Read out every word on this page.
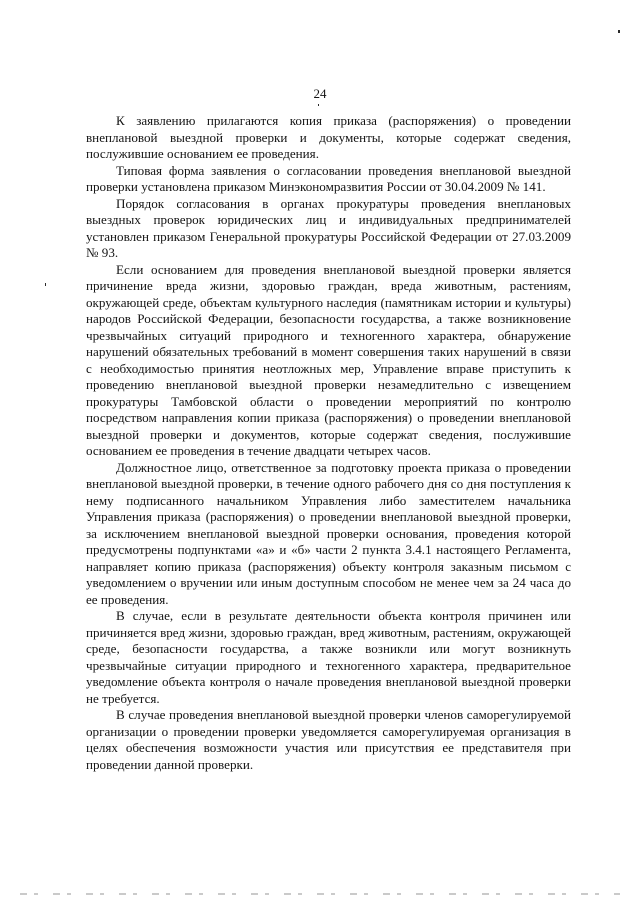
24

К заявлению прилагаются копия приказа (распоряжения) о проведении внеплановой выездной проверки и документы, которые содержат сведения, послужившие основанием ее проведения.

Типовая форма заявления о согласовании проведения внеплановой выездной проверки установлена приказом Минэкономразвития России от 30.04.2009 № 141.

Порядок согласования в органах прокуратуры проведения внеплановых выездных проверок юридических лиц и индивидуальных предпринимателей установлен приказом Генеральной прокуратуры Российской Федерации от 27.03.2009 № 93.

Если основанием для проведения внеплановой выездной проверки является причинение вреда жизни, здоровью граждан, вреда животным, растениям, окружающей среде, объектам культурного наследия (памятникам истории и культуры) народов Российской Федерации, безопасности государства, а также возникновение чрезвычайных ситуаций природного и техногенного характера, обнаружение нарушений обязательных требований в момент совершения таких нарушений в связи с необходимостью принятия неотложных мер, Управление вправе приступить к проведению внеплановой выездной проверки незамедлительно с извещением прокуратуры Тамбовской области о проведении мероприятий по контролю посредством направления копии приказа (распоряжения) о проведении внеплановой выездной проверки и документов, которые содержат сведения, послужившие основанием ее проведения в течение двадцати четырех часов.

Должностное лицо, ответственное за подготовку проекта приказа о проведении внеплановой выездной проверки, в течение одного рабочего дня со дня поступления к нему подписанного начальником Управления либо заместителем начальника Управления приказа (распоряжения) о проведении внеплановой выездной проверки, за исключением внеплановой выездной проверки основания, проведения которой предусмотрены подпунктами «а» и «б» части 2 пункта 3.4.1 настоящего Регламента, направляет копию приказа (распоряжения) объекту контроля заказным письмом с уведомлением о вручении или иным доступным способом не менее чем за 24 часа до ее проведения.

В случае, если в результате деятельности объекта контроля причинен или причиняется вред жизни, здоровью граждан, вред животным, растениям, окружающей среде, безопасности государства, а также возникли или могут возникнуть чрезвычайные ситуации природного и техногенного характера, предварительное уведомление объекта контроля о начале проведения внеплановой выездной проверки не требуется.

В случае проведения внеплановой выездной проверки членов саморегулируемой организации о проведении проверки уведомляется саморегулируемая организация в целях обеспечения возможности участия или присутствия ее представителя при проведении данной проверки.
